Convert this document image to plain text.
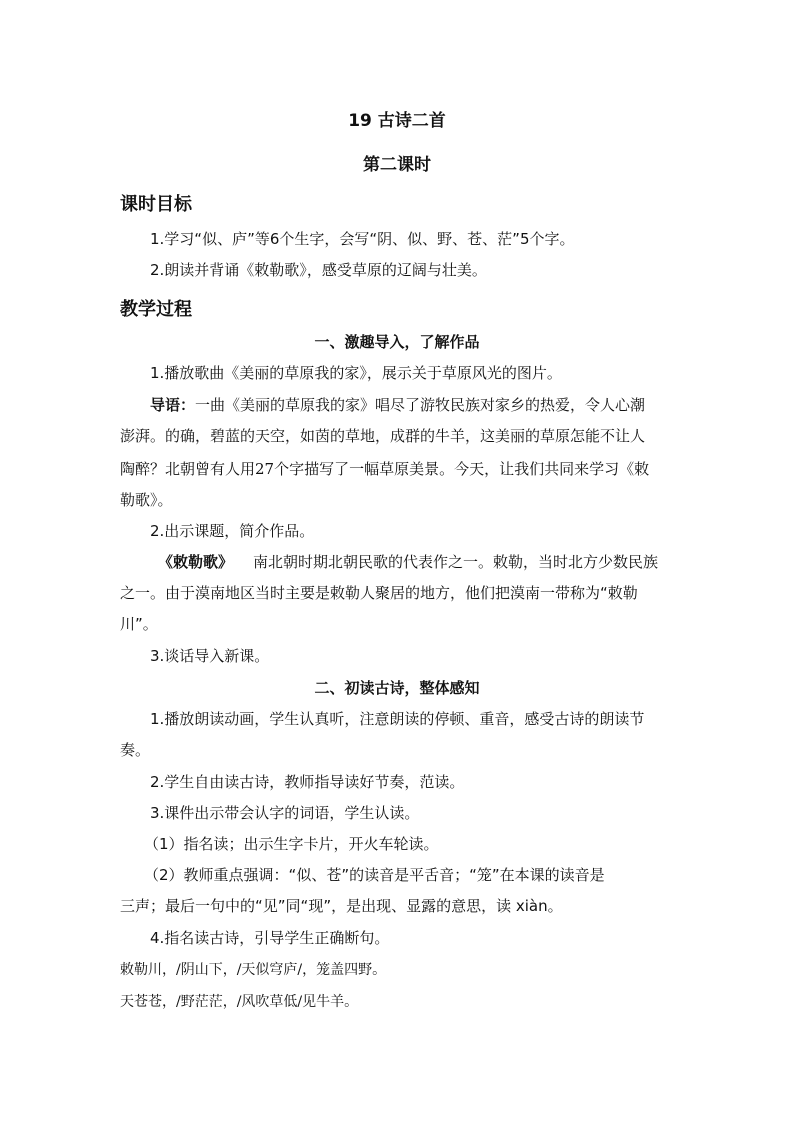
19 古诗二首
第二课时
课时目标
1.学习“似、庐”等6个生字，会写“阴、似、野、苍、茫”5个字。
2.朗读并背诵《敕勒歌》，感受草原的辽阔与壮美。
教学过程
一、激趣导入，了解作品
1.播放歌曲《美丽的草原我的家》，展示关于草原风光的图片。
导语：一曲《美丽的草原我的家》唱尽了游牧民族对家乡的热爱，令人心潮
澎湃。的确，碧蓝的天空，如茵的草地，成群的牛羊，这美丽的草原怎能不让人
陶醉？北朝曾有人用27个字描写了一幅草原美景。今天，让我们共同来学习《敕
勒歌》。
2.出示课题，简介作品。
《敕勒歌》 南北朝时期北朝民歌的代表作之一。敕勒，当时北方少数民族
之一。由于漠南地区当时主要是敕勒人聚居的地方，他们把漠南一带称为“敕勒
川”。
3.谈话导入新课。
二、初读古诗，整体感知
1.播放朗读动画，学生认真听，注意朗读的停顿、重音，感受古诗的朗读节
奏。
2.学生自由读古诗，教师指导读好节奏，范读。
3.课件出示带会认字的词语，学生认读。
（1）指名读；出示生字卡片，开火车轮读。
（2）教师重点强调：“似、苍”的读音是平舌音；“笼”在本课的读音是
三声；最后一句中的“见”同“现”，是出现、显露的意思，读 xiàn。
4.指名读古诗，引导学生正确断句。
敕勒川，/阴山下，/天似穹庐/，笼盖四野。
天苍苍，/野茫茫，/风吹草低/见牛羊。
